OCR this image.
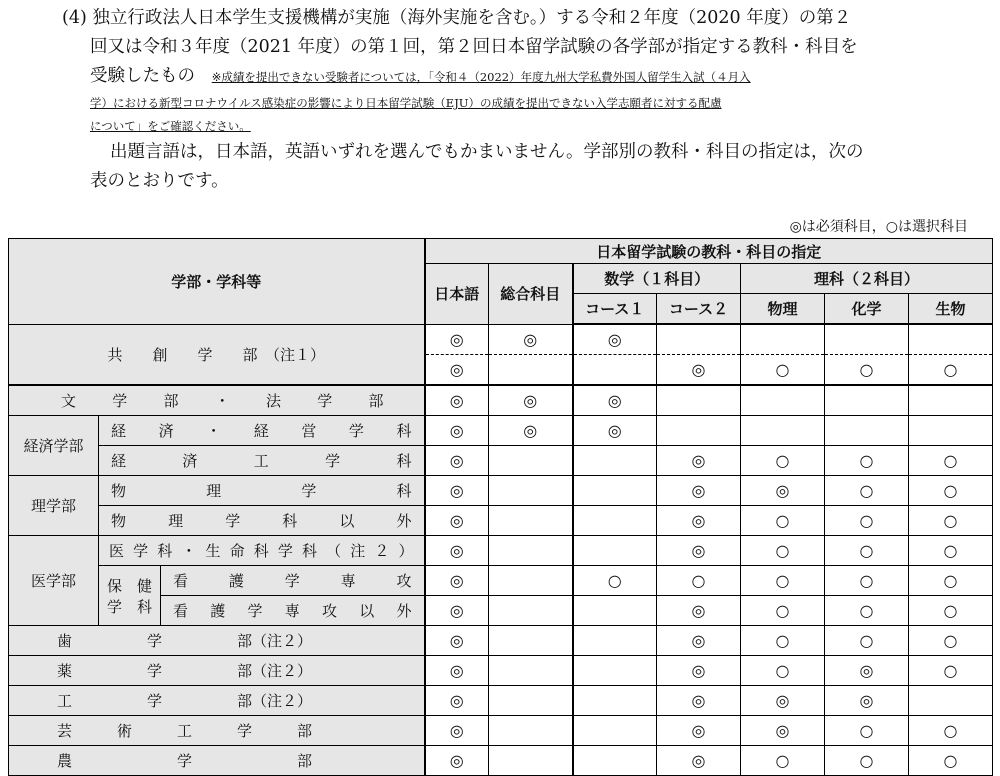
(4) 独立行政法人日本学生支援機構が実施（海外実施を含む。）する令和２年度（2020 年度）の第２
回又は令和３年度（2021 年度）の第１回，第２回日本留学試験の各学部が指定する教科・科目を
受験したもの ※成績を提出できない受験者については，「令和４（2022）年度九州大学私費外国人留学生入試（４月入
学）における新型コロナウイルス感染症の影響により日本留学試験（EJU）の成績を提出できない入学志願者に対する配慮
について」をご確認ください。
出題言語は，日本語，英語いずれを選んでもかまいません。学部別の教科・科目の指定は，次の
表のとおりです。
◎は必須科目，○は選択科目
学部・学科等			日本留学試験の教科・科目の指定						
			日本語	総合科目	数学（１科目）		理科（２科目）		
					コース１	コース２	物理	化学	生物
共　　創　　学　　部　（注１）			◎	◎	◎				
			◎			◎	○	○	○
文学部・法学部			◎	◎	◎				
経済学部	経済・経営学科		◎	◎	◎				
	経済工学科		◎			◎	○	○	○
理学部	物理学科		◎			◎	◎	○	○
	物理学科以外		◎			◎	○	○	○
医学部	医学科・生命科学科（注２）		◎			◎	○	○	○
	保健	看護学専攻	◎		○	○	○	○	○
	学科	看護学専攻以外	◎			◎	○	○	○
歯　　　　　学　　　　　部（注２）			◎			◎	○	○	○
薬　　　　　学　　　　　部（注２）			◎			◎	○	◎	○
工　　　　　学　　　　　部（注２）			◎			◎	◎	◎	
芸　　　術　　　工　　　学　　　部			◎			◎	◎	○	○
農　　　　　　　学　　　　　　　部			◎			◎	○	○	○
